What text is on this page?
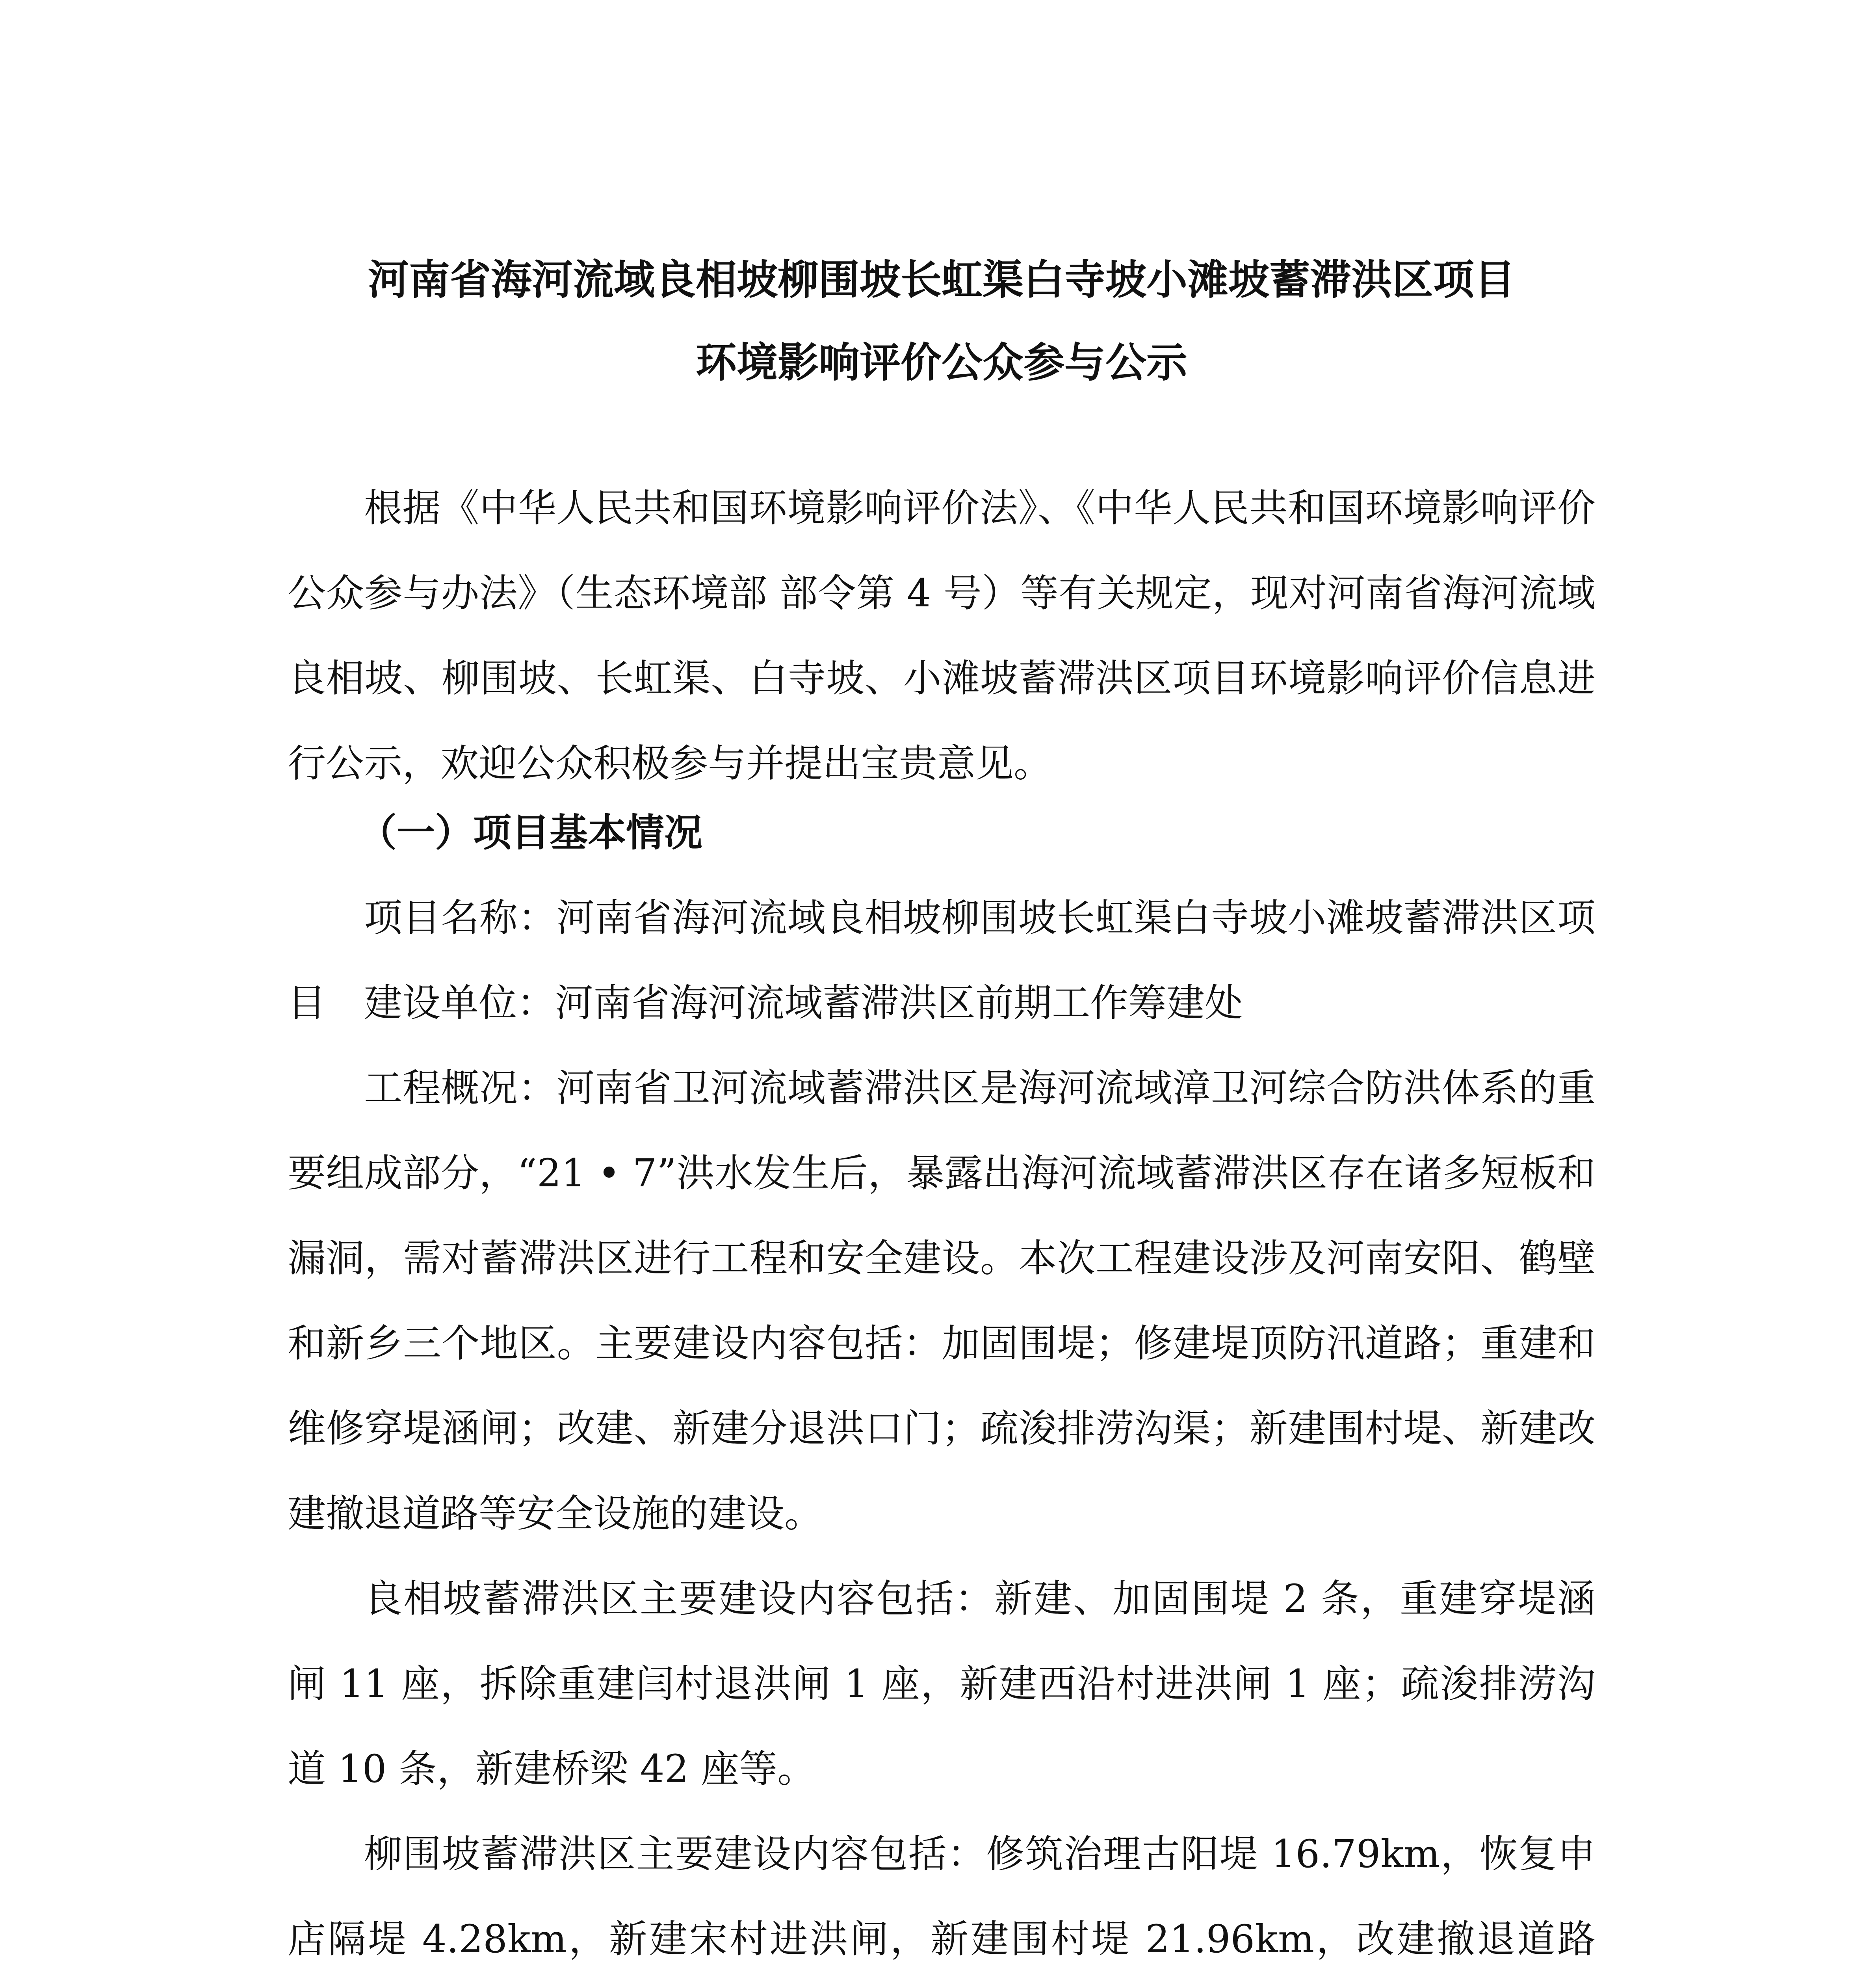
河南省海河流域良相坡柳围坡长虹渠白寺坡小滩坡蓄滞洪区项目
环境影响评价公众参与公示

根据《中华人民共和国环境影响评价法》、《中华人民共和国环境影响评价公众参与办法》（生态环境部 部令第 4 号）等有关规定，现对河南省海河流域良相坡、柳围坡、长虹渠、白寺坡、小滩坡蓄滞洪区项目环境影响评价信息进行公示，欢迎公众积极参与并提出宝贵意见。

（一）项目基本情况

项目名称：河南省海河流域良相坡柳围坡长虹渠白寺坡小滩坡蓄滞洪区项目	建设单位：河南省海河流域蓄滞洪区前期工作筹建处

工程概况：河南省卫河流域蓄滞洪区是海河流域漳卫河综合防洪体系的重要组成部分，“21 • 7”洪水发生后，暴露出海河流域蓄滞洪区存在诸多短板和漏洞，需对蓄滞洪区进行工程和安全建设。本次工程建设涉及河南安阳、鹤壁和新乡三个地区。主要建设内容包括：加固围堤；修建堤顶防汛道路；重建和维修穿堤涵闸；改建、新建分退洪口门；疏浚排涝沟渠；新建围村堤、新建改建撤退道路等安全设施的建设。

良相坡蓄滞洪区主要建设内容包括：新建、加固围堤 2 条，重建穿堤涵闸 11 座，拆除重建闫村退洪闸 1 座，新建西沿村进洪闸 1 座；疏浚排涝沟道 10 条，新建桥梁 42 座等。

柳围坡蓄滞洪区主要建设内容包括：修筑治理古阳堤 16.79km，恢复申店隔堤 4.28km，新建宋村进洪闸，新建围村堤 21.96km，改建撤退道路
